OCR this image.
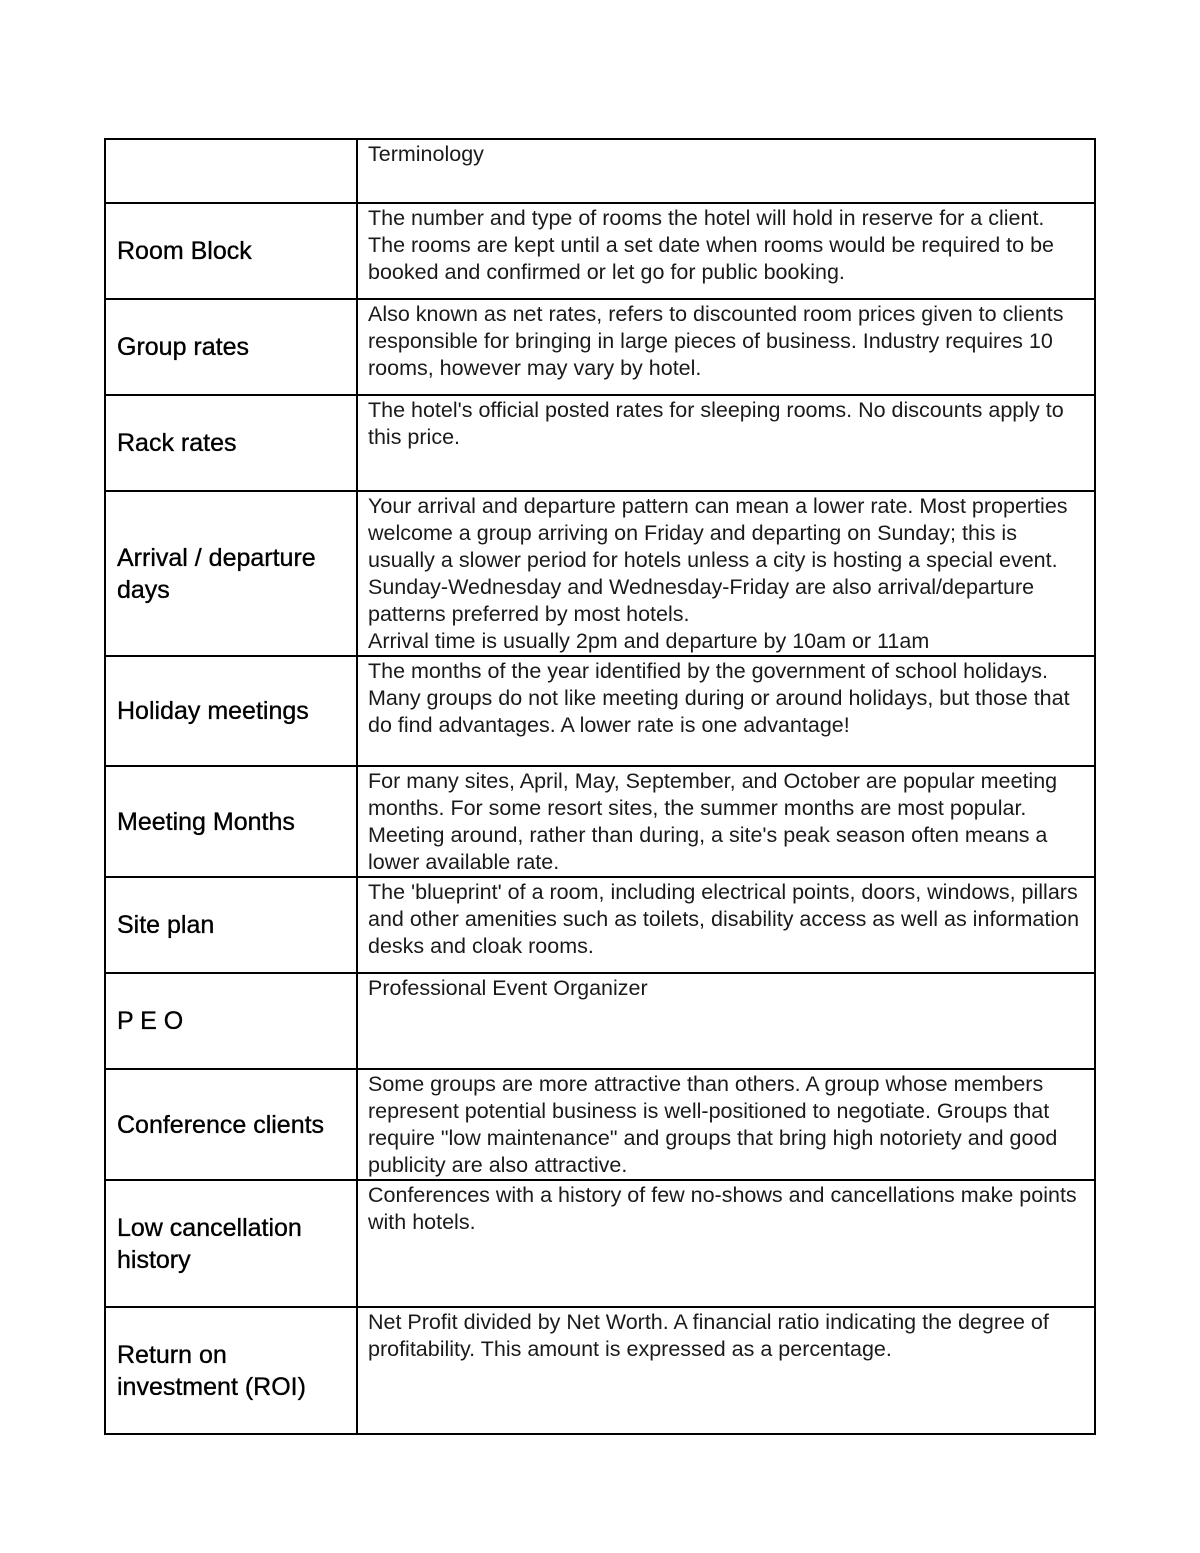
	Terminology

Room Block	The number and type of rooms the hotel will hold in reserve for a client. The rooms are kept until a set date when rooms would be required to be booked and confirmed or let go for public booking.

Group rates	Also known as net rates, refers to discounted room prices given to clients responsible for bringing in large pieces of business. Industry requires 10 rooms, however may vary by hotel.

Rack rates	The hotel's official posted rates for sleeping rooms. No discounts apply to this price.

Arrival / departure days	Your arrival and departure pattern can mean a lower rate. Most properties welcome a group arriving on Friday and departing on Sunday; this is usually a slower period for hotels unless a city is hosting a special event. Sunday-Wednesday and Wednesday-Friday are also arrival/departure patterns preferred by most hotels.
Arrival time is usually 2pm and departure by 10am or 11am

Holiday meetings	The months of the year identified by the government of school holidays.
Many groups do not like meeting during or around holidays, but those that do find advantages. A lower rate is one advantage!

Meeting Months	For many sites, April, May, September, and October are popular meeting months. For some resort sites, the summer months are most popular. Meeting around, rather than during, a site's peak season often means a lower available rate.

Site plan	The 'blueprint' of a room, including electrical points, doors, windows, pillars and other amenities such as toilets, disability access as well as information desks and cloak rooms.

P E O	Professional Event Organizer

Conference clients	Some groups are more attractive than others. A group whose members represent potential business is well-positioned to negotiate. Groups that require "low maintenance" and groups that bring high notoriety and good publicity are also attractive.

Low cancellation history	Conferences with a history of few no-shows and cancellations make points with hotels.

Return on investment (ROI)	Net Profit divided by Net Worth. A financial ratio indicating the degree of profitability. This amount is expressed as a percentage.
